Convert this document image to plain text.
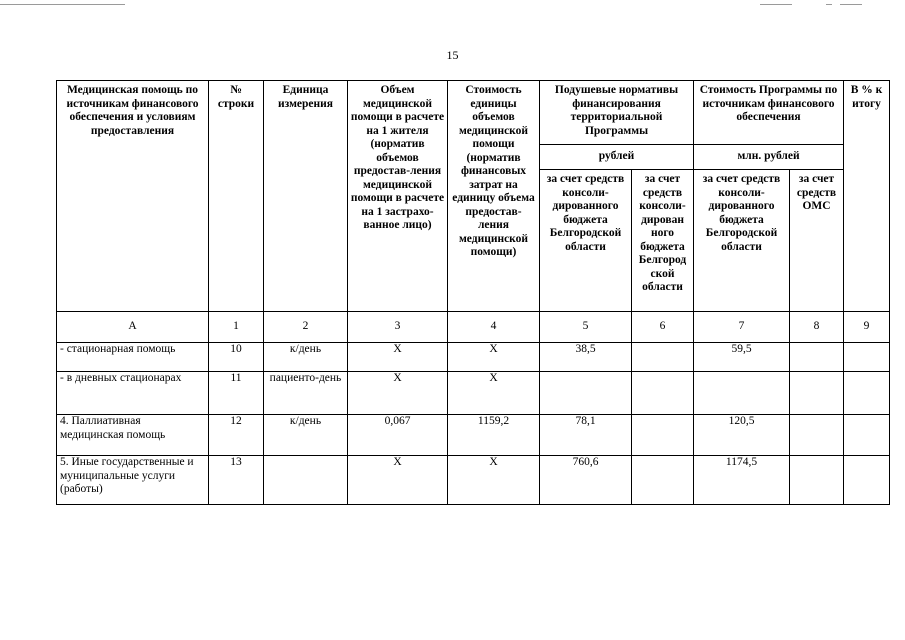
15
Медицинская помощь по источникам финансового обеспечения и условиям предоставления	№ строки	Единица измерения	Объем медицинской помощи в расчете на 1 жителя (норматив объемов предостав-ления медицинской помощи в расчете на 1 застрахо-ванное лицо)	Стоимость единицы объемов медицинской помощи (норматив финансовых затрат на единицу объема предостав-ления медицинской помощи)	Подушевые нормативы финансирования территориальной Программы		Стоимость Программы по источникам финансового обеспечения		В % к итогу
					рублей		млн. рублей		
					за счет средств консоли-дированного бюджета Белгородской области	за счет средств консоли-дирован ного бюджета Белгород ской области	за счет средств консоли-дированного бюджета Белгородской области	за счет средств ОМС	
А	1	2	3	4	5	6	7	8	9
- стационарная помощь	10	к/день	Х	Х	38,5		59,5		
- в дневных стационарах	11	пациенто-день	Х	Х					
4. Паллиативная медицинская помощь	12	к/день	0,067	1159,2	78,1		120,5		
5. Иные государственные и муниципальные услуги (работы)	13		Х	Х	760,6		1174,5		
